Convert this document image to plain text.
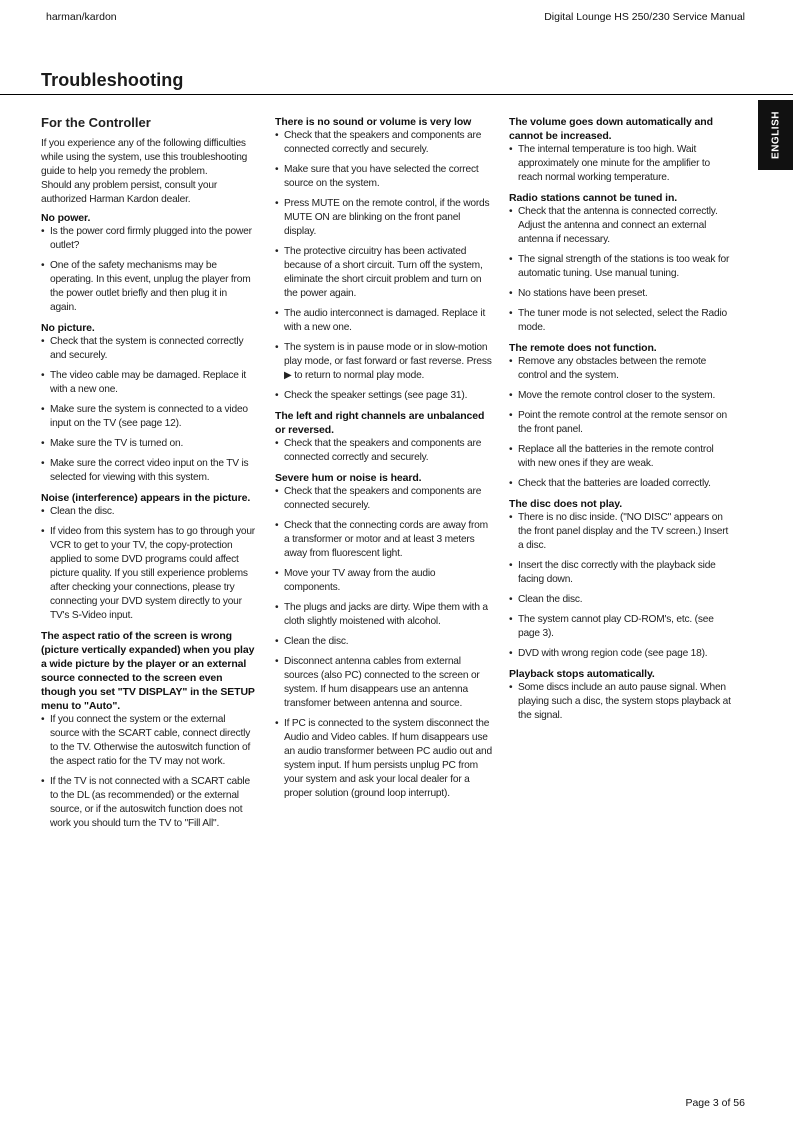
harman/kardon	Digital Lounge HS 250/230 Service Manual
Troubleshooting
ENGLISH
For the Controller
If you experience any of the following difficulties while using the system, use this troubleshooting guide to help you remedy the problem.
Should any problem persist, consult your authorized Harman Kardon dealer.
No power.
• Is the power cord firmly plugged into the power outlet?
• One of the safety mechanisms may be operating. In this event, unplug the player from the power outlet briefly and then plug it in again.
No picture.
• Check that the system is connected correctly and securely.
• The video cable may be damaged. Replace it with a new one.
• Make sure the system is connected to a video input on the TV (see page 12).
• Make sure the TV is turned on.
• Make sure the correct video input on the TV is selected for viewing with this system.
Noise (interference) appears in the picture.
• Clean the disc.
• If video from this system has to go through your VCR to get to your TV, the copy-protection applied to some DVD programs could affect picture quality. If you still experience problems after checking your connections, please try connecting your DVD system directly to your TV's S-Video input.
The aspect ratio of the screen is wrong (picture vertically expanded) when you play a wide picture by the player or an external source connected to the screen even though you set "TV DISPLAY" in the SETUP menu to "Auto".
• If you connect the system or the external source with the SCART cable, connect directly to the TV. Otherwise the autoswitch function of the aspect ratio for the TV may not work.
• If the TV is not connected with a SCART cable to the DL (as recommended) or the external source, or if the autoswitch function does not work you should turn the TV to "Fill All".
There is no sound or volume is very low
• Check that the speakers and components are connected correctly and securely.
• Make sure that you have selected the correct source on the system.
• Press MUTE on the remote control, if the words MUTE ON are blinking on the front panel display.
• The protective circuitry has been activated because of a short circuit. Turn off the system, eliminate the short circuit problem and turn on the power again.
• The audio interconnect is damaged. Replace it with a new one.
• The system is in pause mode or in slow-motion play mode, or fast forward or fast reverse. Press ▶ to return to normal play mode.
• Check the speaker settings (see page 31).
The left and right channels are unbalanced or reversed.
• Check that the speakers and components are connected correctly and securely.
Severe hum or noise is heard.
• Check that the speakers and components are connected securely.
• Check that the connecting cords are away from a transformer or motor and at least 3 meters away from fluorescent light.
• Move your TV away from the audio components.
• The plugs and jacks are dirty. Wipe them with a cloth slightly moistened with alcohol.
• Clean the disc.
• Disconnect antenna cables from external sources (also PC) connected to the screen or system. If hum disappears use an antenna transfomer between antenna and source.
• If PC is connected to the system disconnect the Audio and Video cables. If hum disappears use an audio transformer between PC audio out and system input. If hum persists unplug PC from your system and ask your local dealer for a proper solution (ground loop interrupt).
The volume goes down automatically and cannot be increased.
• The internal temperature is too high. Wait approximately one minute for the amplifier to reach normal working temperature.
Radio stations cannot be tuned in.
• Check that the antenna is connected correctly. Adjust the antenna and connect an external antenna if necessary.
• The signal strength of the stations is too weak for automatic tuning. Use manual tuning.
• No stations have been preset.
• The tuner mode is not selected, select the Radio mode.
The remote does not function.
• Remove any obstacles between the remote control and the system.
• Move the remote control closer to the system.
• Point the remote control at the remote sensor on the front panel.
• Replace all the batteries in the remote control with new ones if they are weak.
• Check that the batteries are loaded correctly.
The disc does not play.
• There is no disc inside. ("NO DISC" appears on the front panel display and the TV screen.) Insert a disc.
• Insert the disc correctly with the playback side facing down.
• Clean the disc.
• The system cannot play CD-ROM's, etc. (see page 3).
• DVD with wrong region code (see page 18).
Playback stops automatically.
• Some discs include an auto pause signal. When playing such a disc, the system stops playback at the signal.
Page 3 of 56
